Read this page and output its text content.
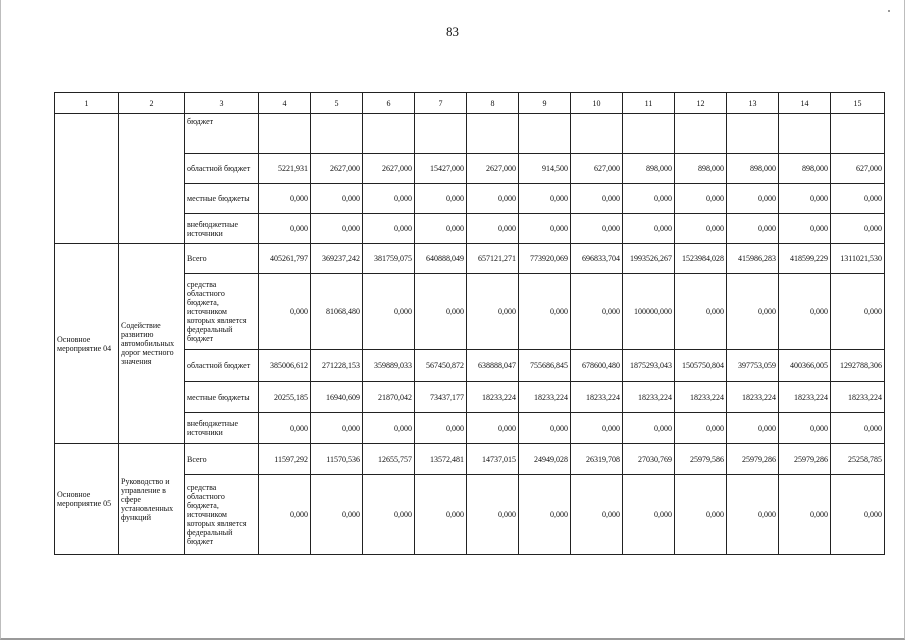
83
1	2	3	4	5	6	7	8	9	10	11	12	13	14	15
		бюджет												
		областной бюджет	5221,931	2627,000	2627,000	15427,000	2627,000	914,500	627,000	898,000	898,000	898,000	898,000	627,000
		местные бюджеты	0,000	0,000	0,000	0,000	0,000	0,000	0,000	0,000	0,000	0,000	0,000	0,000
		внебюджетные источники	0,000	0,000	0,000	0,000	0,000	0,000	0,000	0,000	0,000	0,000	0,000	0,000
Основное мероприятие 04	Содействие развитию автомобильных дорог местного значения	Всего	405261,797	369237,242	381759,075	640888,049	657121,271	773920,069	696833,704	1993526,267	1523984,028	415986,283	418599,229	1311021,530
		средства областного бюджета, источником которых является федеральный бюджет	0,000	81068,480	0,000	0,000	0,000	0,000	0,000	100000,000	0,000	0,000	0,000	0,000
		областной бюджет	385006,612	271228,153	359889,033	567450,872	638888,047	755686,845	678600,480	1875293,043	1505750,804	397753,059	400366,005	1292788,306
		местные бюджеты	20255,185	16940,609	21870,042	73437,177	18233,224	18233,224	18233,224	18233,224	18233,224	18233,224	18233,224	18233,224
		внебюджетные источники	0,000	0,000	0,000	0,000	0,000	0,000	0,000	0,000	0,000	0,000	0,000	0,000

Основное мероприятие 05	Руководство и управление в сфере установленных функций	Всего	11597,292	11570,536	12655,757	13572,481	14737,015	24949,028	26319,708	27030,769	25979,586	25979,286	25979,286	25258,785
		средства областного бюджета, источником которых является федеральный бюджет	0,000	0,000	0,000	0,000	0,000	0,000	0,000	0,000	0,000	0,000	0,000	0,000
